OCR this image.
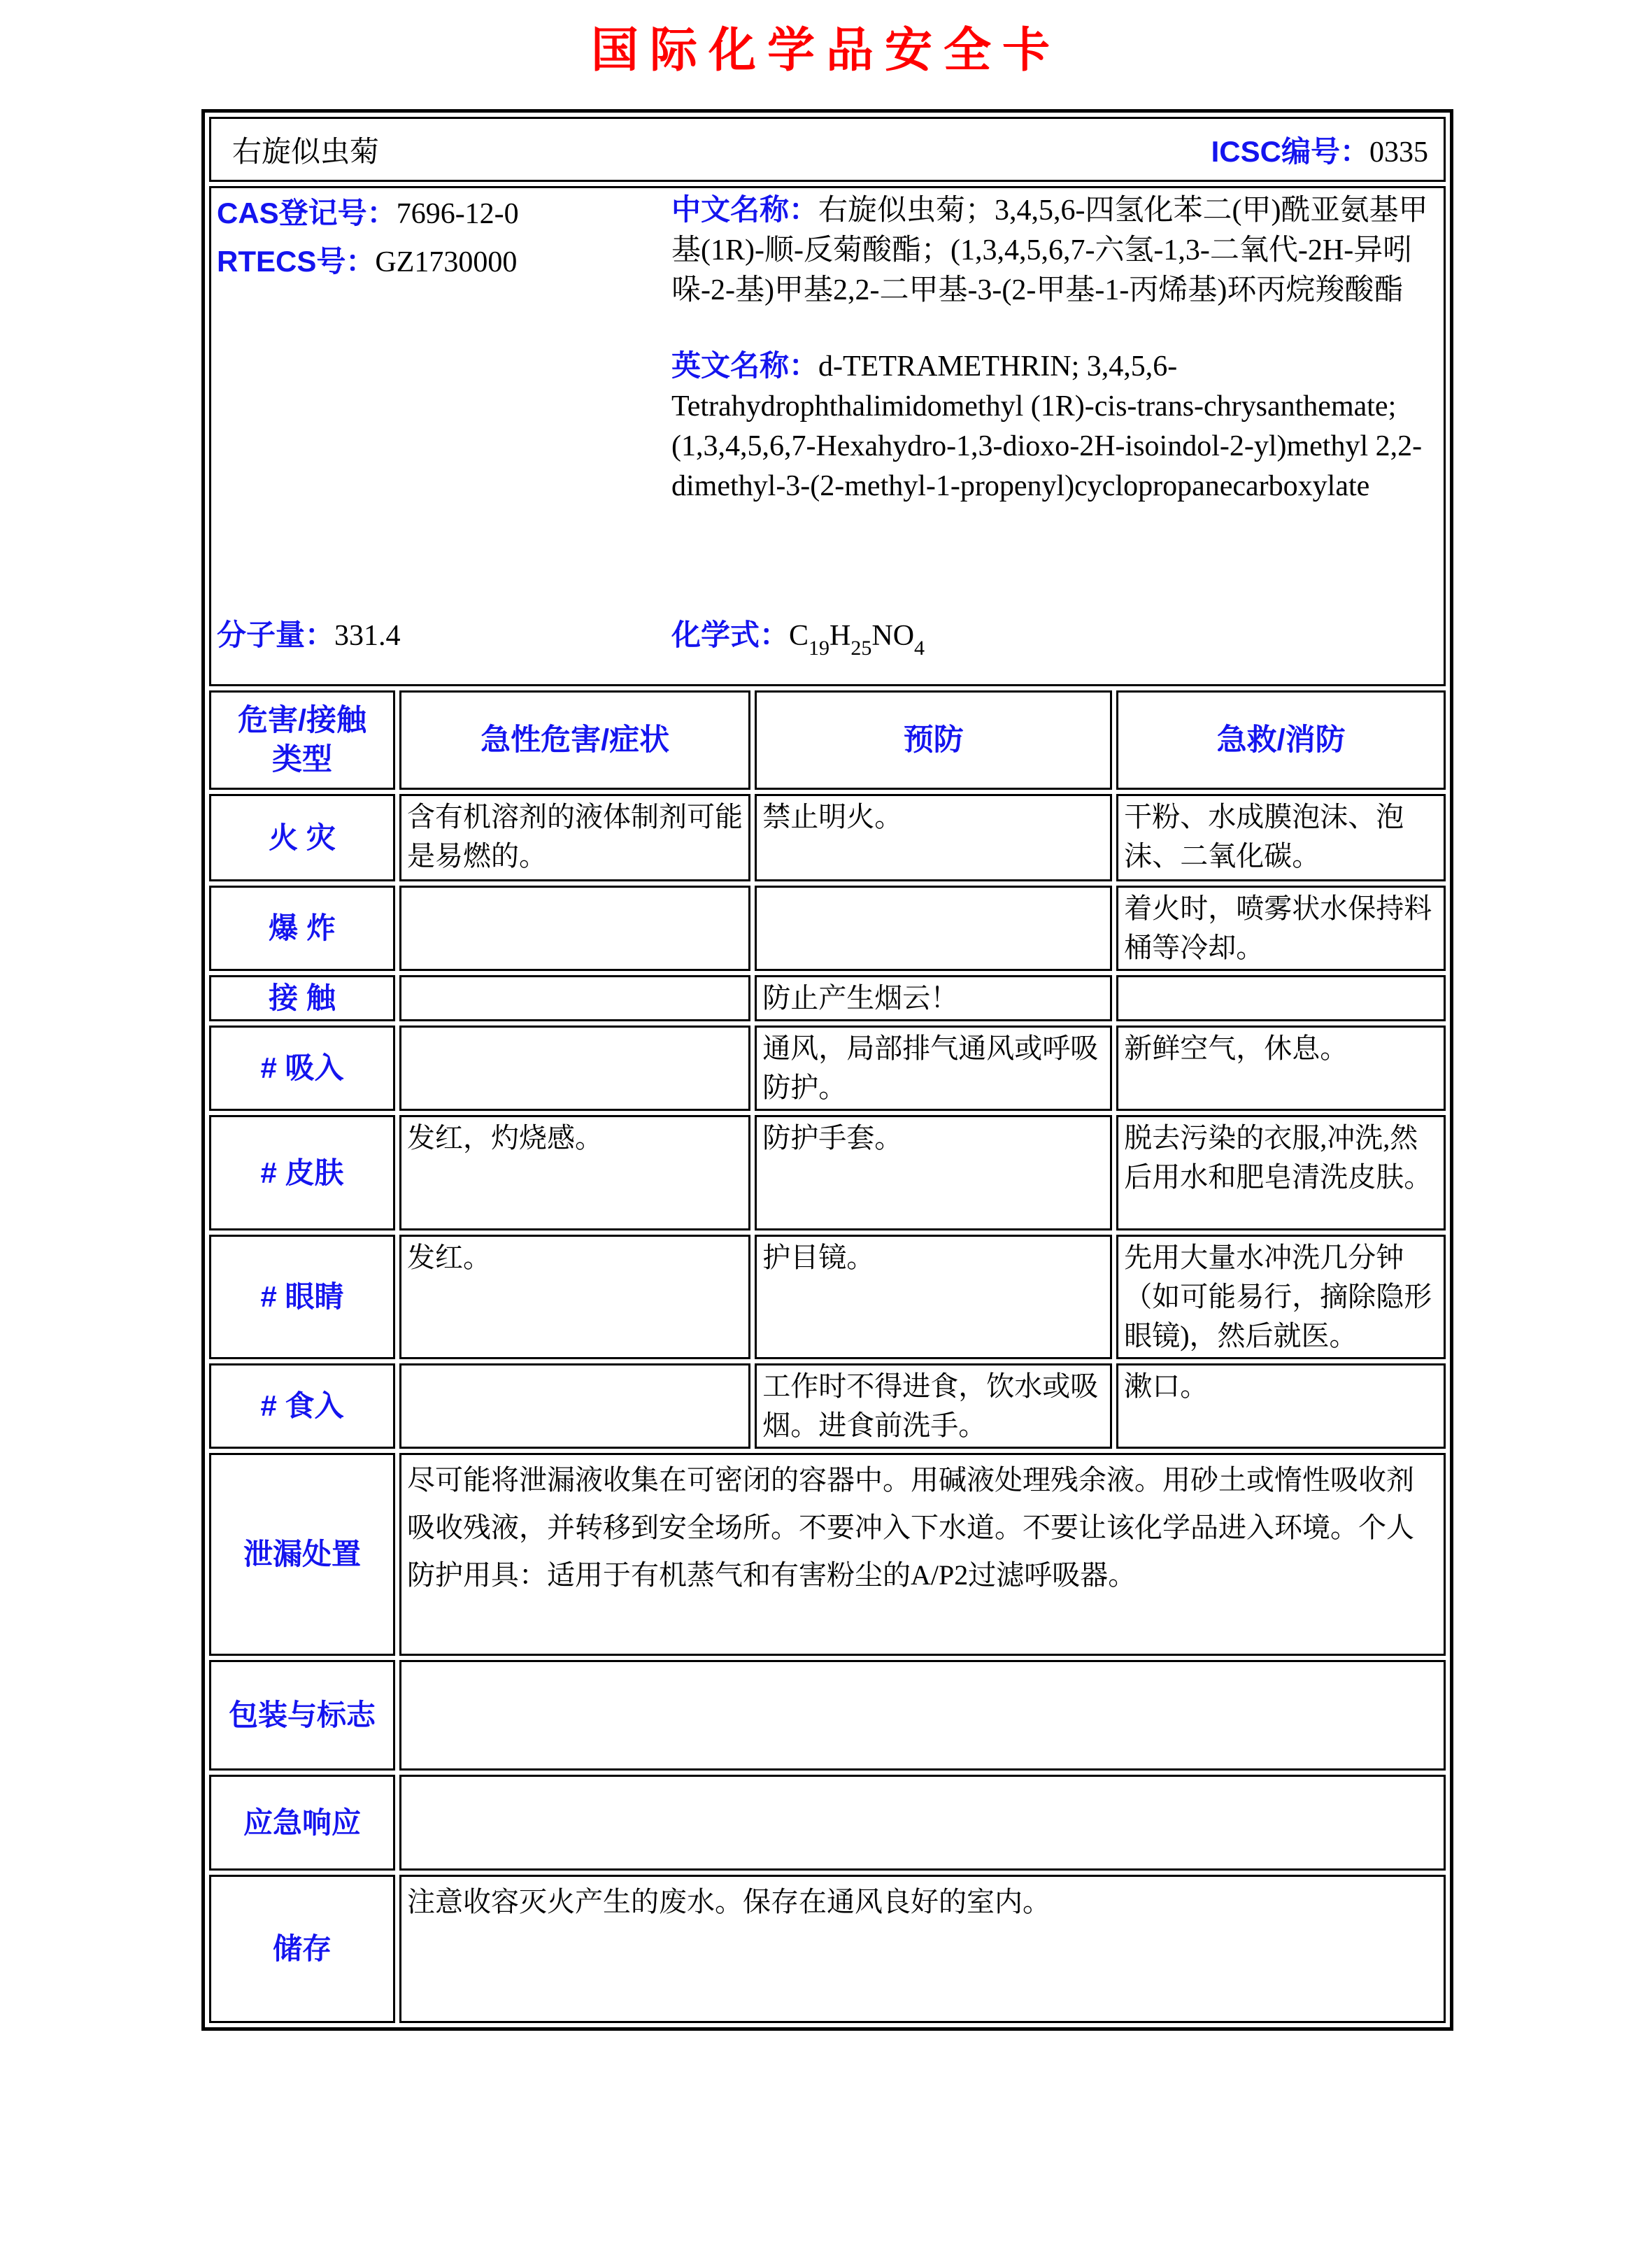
国际化学品安全卡
右旋似虫菊 ICSC编号：0335			

CAS登记号：7696-12-0
RTECS号：GZ1730000
中文名称：右旋似虫菊；3,4,5,6-四氢化苯二(甲)酰亚氨基甲基(1R)-顺-反菊酸酯；(1,3,4,5,6,7-六氢-1,3-二氧代-2H-异吲哚-2-基)甲基2,2-二甲基-3-(2-甲基-1-丙烯基)环丙烷羧酸酯
英文名称：d-TETRAMETHRIN; 3,4,5,6-Tetrahydrophthalimidomethyl (1R)-cis-trans-chrysanthemate; (1,3,4,5,6,7-Hexahydro-1,3-dioxo-2H-isoindol-2-yl)methyl 2,2-dimethyl-3-(2-methyl-1-propenyl)cyclopropanecarboxylate
分子量：331.4	化学式：$C_{19}H_{25}NO_4$

危害/接触
类型	急性危害/症状	预防	急救/消防
火 灾	含有机溶剂的液体制剂可能是易燃的。	禁止明火。	干粉、水成膜泡沫、泡沫、二氧化碳。
爆 炸			着火时，喷雾状水保持料桶等冷却。
接 触		防止产生烟云！	
# 吸入		通风，局部排气通风或呼吸防护。	新鲜空气，休息。
# 皮肤	发红，灼烧感。	防护手套。	脱去污染的衣服,冲洗,然后用水和肥皂清洗皮肤。
# 眼睛	发红。	护目镜。	先用大量水冲洗几分钟（如可能易行，摘除隐形眼镜)，然后就医。
# 食入		工作时不得进食，饮水或吸烟。进食前洗手。	漱口。
泄漏处置	尽可能将泄漏液收集在可密闭的容器中。用碱液处理残余液。用砂土或惰性吸收剂吸收残液，并转移到安全场所。不要冲入下水道。不要让该化学品进入环境。个人防护用具：适用于有机蒸气和有害粉尘的A/P2过滤呼吸器。		
包装与标志			
应急响应			
储存	注意收容灭火产生的废水。保存在通风良好的室内。		
